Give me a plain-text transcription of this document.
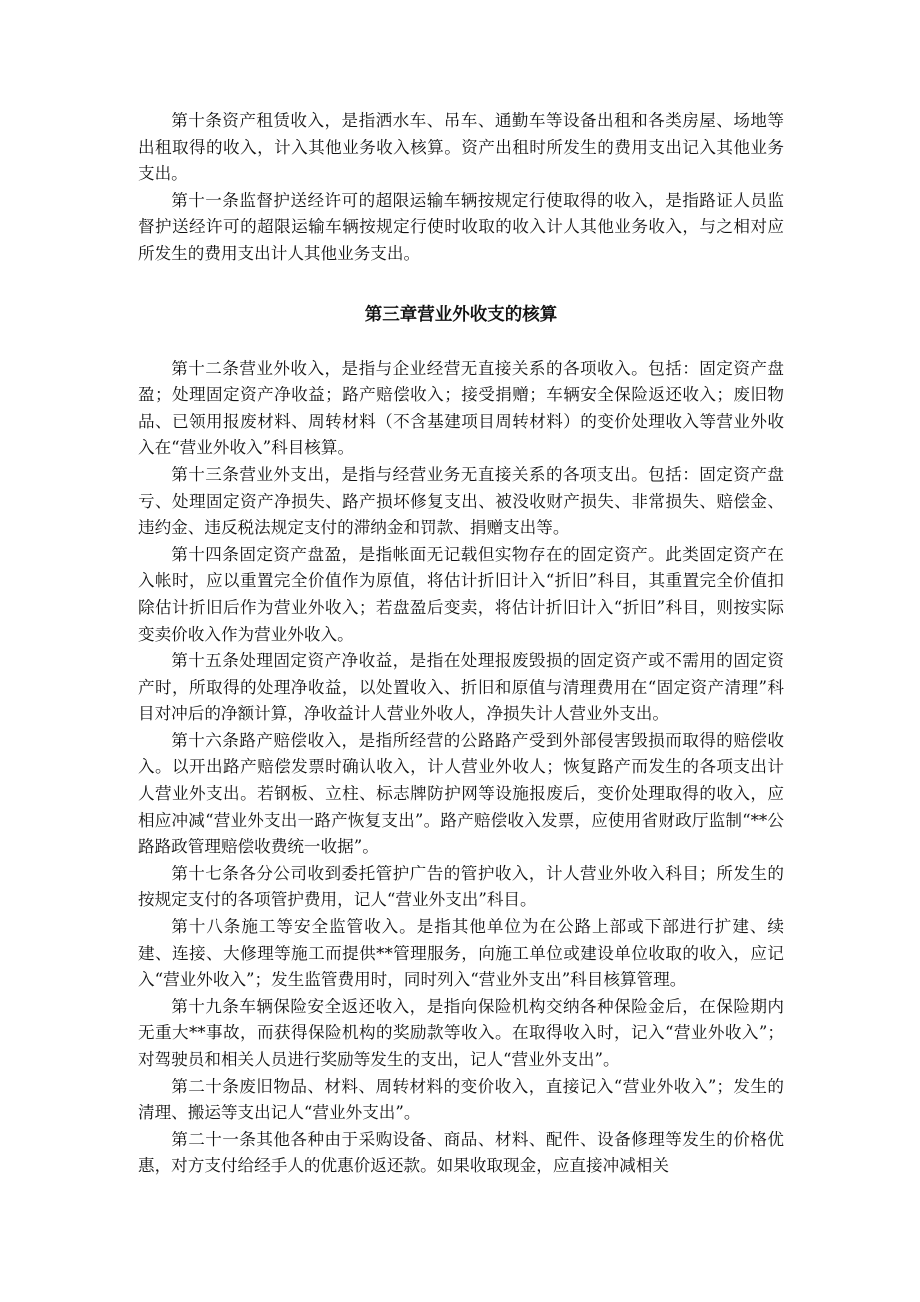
第十条资产租赁收入，是指洒水车、吊车、通勤车等设备出租和各类房屋、场地等出租取得的收入，计入其他业务收入核算。资产出租时所发生的费用支出记入其他业务支出。

第十一条监督护送经许可的超限运输车辆按规定行使取得的收入，是指路证人员监督护送经许可的超限运输车辆按规定行使时收取的收入计人其他业务收入，与之相对应所发生的费用支出计人其他业务支出。

第三章营业外收支的核算

第十二条营业外收入，是指与企业经营无直接关系的各项收入。包括：固定资产盘盈；处理固定资产净收益；路产赔偿收入；接受捐赠；车辆安全保险返还收入；废旧物品、已领用报废材料、周转材料（不含基建项目周转材料）的变价处理收入等营业外收入在“营业外收入”科目核算。

第十三条营业外支出，是指与经营业务无直接关系的各项支出。包括：固定资产盘亏、处理固定资产净损失、路产损坏修复支出、被没收财产损失、非常损失、赔偿金、违约金、违反税法规定支付的滞纳金和罚款、捐赠支出等。

第十四条固定资产盘盈，是指帐面无记载但实物存在的固定资产。此类固定资产在入帐时，应以重置完全价值作为原值，将估计折旧计入“折旧”科目，其重置完全价值扣除估计折旧后作为营业外收入；若盘盈后变卖，将估计折旧计入“折旧”科目，则按实际变卖价收入作为营业外收入。

第十五条处理固定资产净收益，是指在处理报废毁损的固定资产或不需用的固定资产时，所取得的处理净收益，以处置收入、折旧和原值与清理费用在“固定资产清理”科目对冲后的净额计算，净收益计人营业外收人，净损失计人营业外支出。

第十六条路产赔偿收入，是指所经营的公路路产受到外部侵害毁损而取得的赔偿收入。以开出路产赔偿发票时确认收入，计人营业外收人；恢复路产而发生的各项支出计人营业外支出。若钢板、立柱、标志牌防护网等设施报废后，变价处理取得的收入，应相应冲减“营业外支出一路产恢复支出”。路产赔偿收入发票，应使用省财政厅监制“**公路路政管理赔偿收费统一收据”。

第十七条各分公司收到委托管护广告的管护收入，计人营业外收入科目；所发生的按规定支付的各项管护费用，记人“营业外支出”科目。

第十八条施工等安全监管收入。是指其他单位为在公路上部或下部进行扩建、续建、连接、大修理等施工而提供**管理服务，向施工单位或建设单位收取的收入，应记入“营业外收入”；发生监管费用时，同时列入“营业外支出”科目核算管理。

第十九条车辆保险安全返还收入，是指向保险机构交纳各种保险金后，在保险期内无重大**事故，而获得保险机构的奖励款等收入。在取得收入时，记入“营业外收入”；对驾驶员和相关人员进行奖励等发生的支出，记人“营业外支出”。

第二十条废旧物品、材料、周转材料的变价收入，直接记入“营业外收入”；发生的清理、搬运等支出记人“营业外支出”。

第二十一条其他各种由于采购设备、商品、材料、配件、设备修理等发生的价格优惠，对方支付给经手人的优惠价返还款。如果收取现金，应直接冲减相关
